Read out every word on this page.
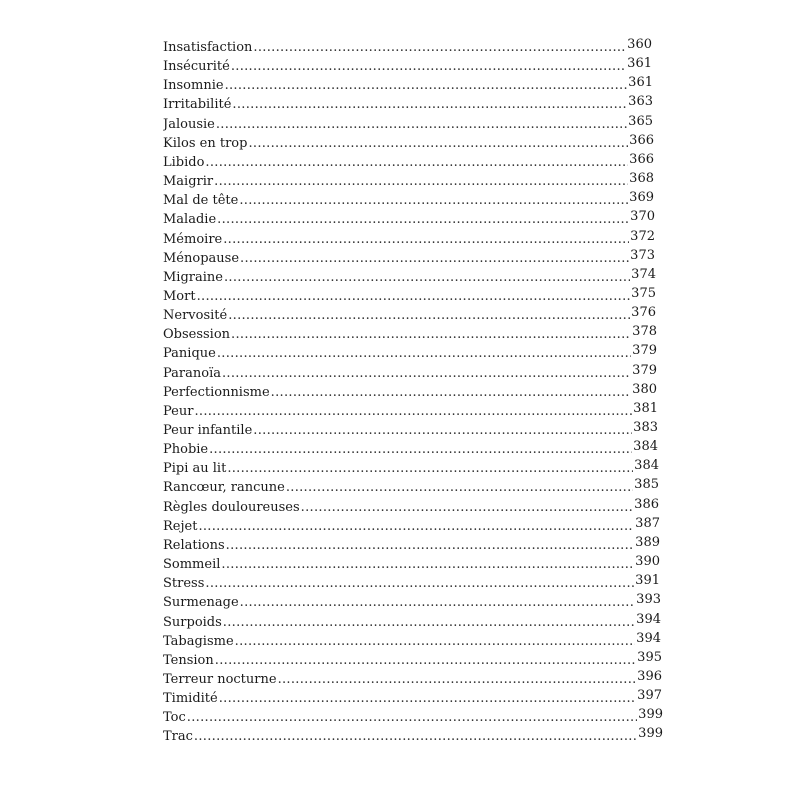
Insatisfaction .....	360
Insécurité .....	361
Insomnie .....	361
Irritabilité .....	363
Jalousie .....	365
Kilos en trop .....	366
Libido .....	366
Maigrir .....	368
Mal de tête .....	369
Maladie .....	370
Mémoire .....	372
Ménopause .....	373
Migraine .....	374
Mort .....	375
Nervosité .....	376
Obsession .....	378
Panique .....	379
Paranoïa .....	379
Perfectionnisme .....	380
Peur .....	381
Peur infantile .....	383
Phobie .....	384
Pipi au lit .....	384
Rancœur, rancune .....	385
Règles douloureuses .....	386
Rejet .....	387
Relations .....	389
Sommeil .....	390
Stress .....	391
Surmenage .....	393
Surpoids .....	394
Tabagisme .....	394
Tension .....	395
Terreur nocturne .....	396
Timidité .....	397
Toc .....	399
Trac .....	399
